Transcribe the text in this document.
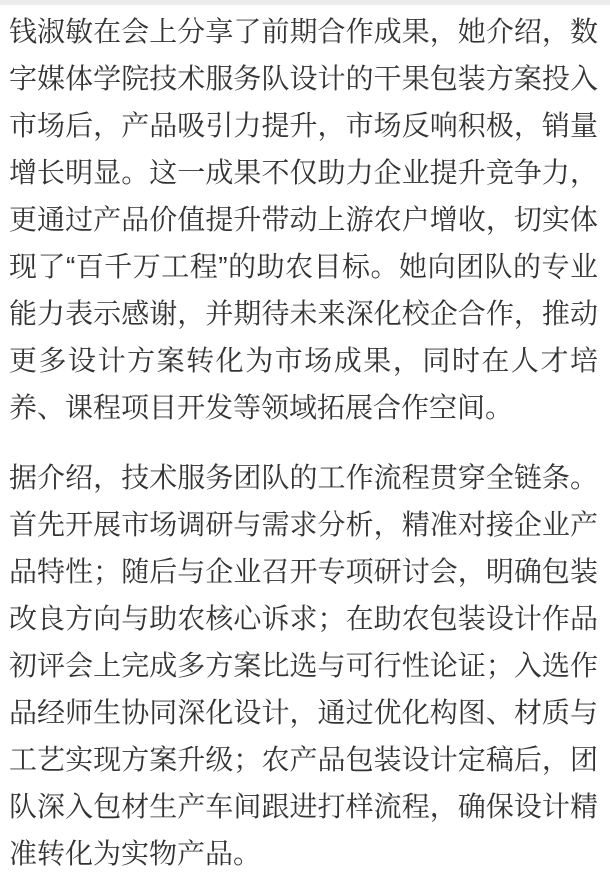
钱淑敏在会上分享了前期合作成果，她介绍，数字媒体学院技术服务队设计的干果包装方案投入市场后，产品吸引力提升，市场反响积极，销量增长明显。这一成果不仅助力企业提升竞争力，更通过产品价值提升带动上游农户增收，切实体现了“百千万工程”的助农目标。她向团队的专业能力表示感谢，并期待未来深化校企合作，推动更多设计方案转化为市场成果，同时在人才培养、课程项目开发等领域拓展合作空间。

据介绍，技术服务团队的工作流程贯穿全链条。首先开展市场调研与需求分析，精准对接企业产品特性；随后与企业召开专项研讨会，明确包装改良方向与助农核心诉求；在助农包装设计作品初评会上完成多方案比选与可行性论证；入选作品经师生协同深化设计，通过优化构图、材质与工艺实现方案升级；农产品包装设计定稿后，团队深入包材生产车间跟进打样流程，确保设计精准转化为实物产品。
